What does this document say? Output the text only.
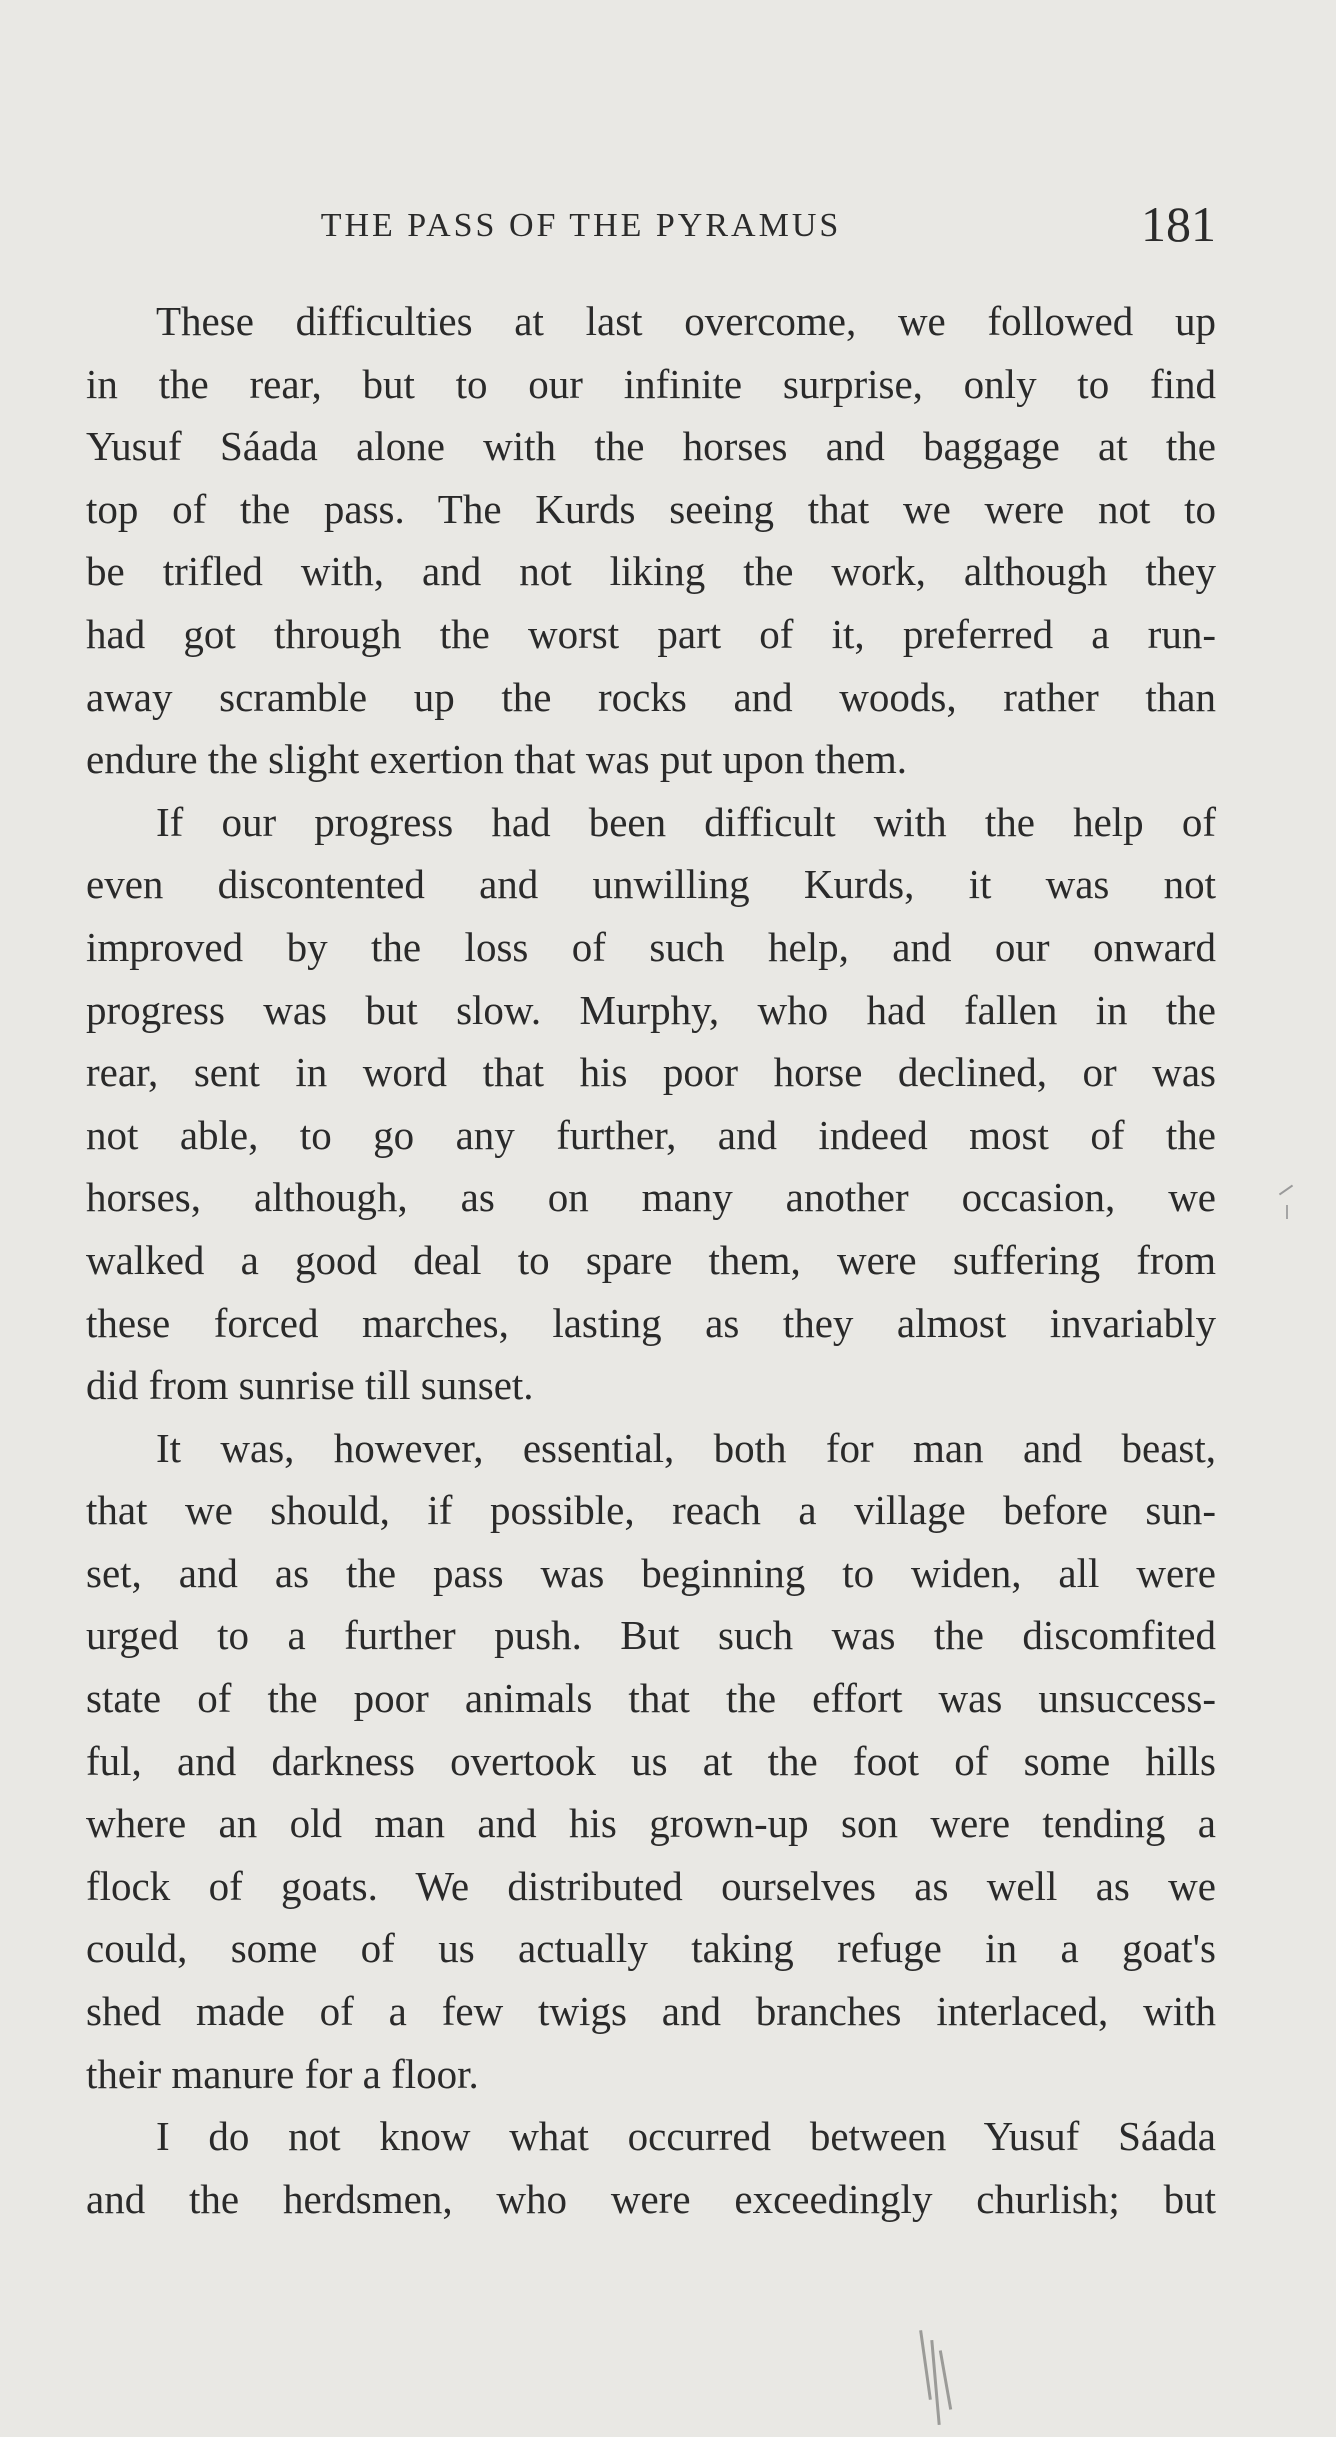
THE PASS OF THE PYRAMUS	181
These difficulties at last overcome, we followed up
in the rear, but to our infinite surprise, only to find
Yusuf Sáada alone with the horses and baggage at the
top of the pass. The Kurds seeing that we were not to
be trifled with, and not liking the work, although they
had got through the worst part of it, preferred a run-
away scramble up the rocks and woods, rather than
endure the slight exertion that was put upon them.
If our progress had been difficult with the help of
even discontented and unwilling Kurds, it was not
improved by the loss of such help, and our onward
progress was but slow. Murphy, who had fallen in the
rear, sent in word that his poor horse declined, or was
not able, to go any further, and indeed most of the
horses, although, as on many another occasion, we
walked a good deal to spare them, were suffering from
these forced marches, lasting as they almost invariably
did from sunrise till sunset.
It was, however, essential, both for man and beast,
that we should, if possible, reach a village before sun-
set, and as the pass was beginning to widen, all were
urged to a further push. But such was the discomfited
state of the poor animals that the effort was unsuccess-
ful, and darkness overtook us at the foot of some hills
where an old man and his grown-up son were tending a
flock of goats. We distributed ourselves as well as we
could, some of us actually taking refuge in a goat's
shed made of a few twigs and branches interlaced, with
their manure for a floor.
I do not know what occurred between Yusuf Sáada
and the herdsmen, who were exceedingly churlish; but
